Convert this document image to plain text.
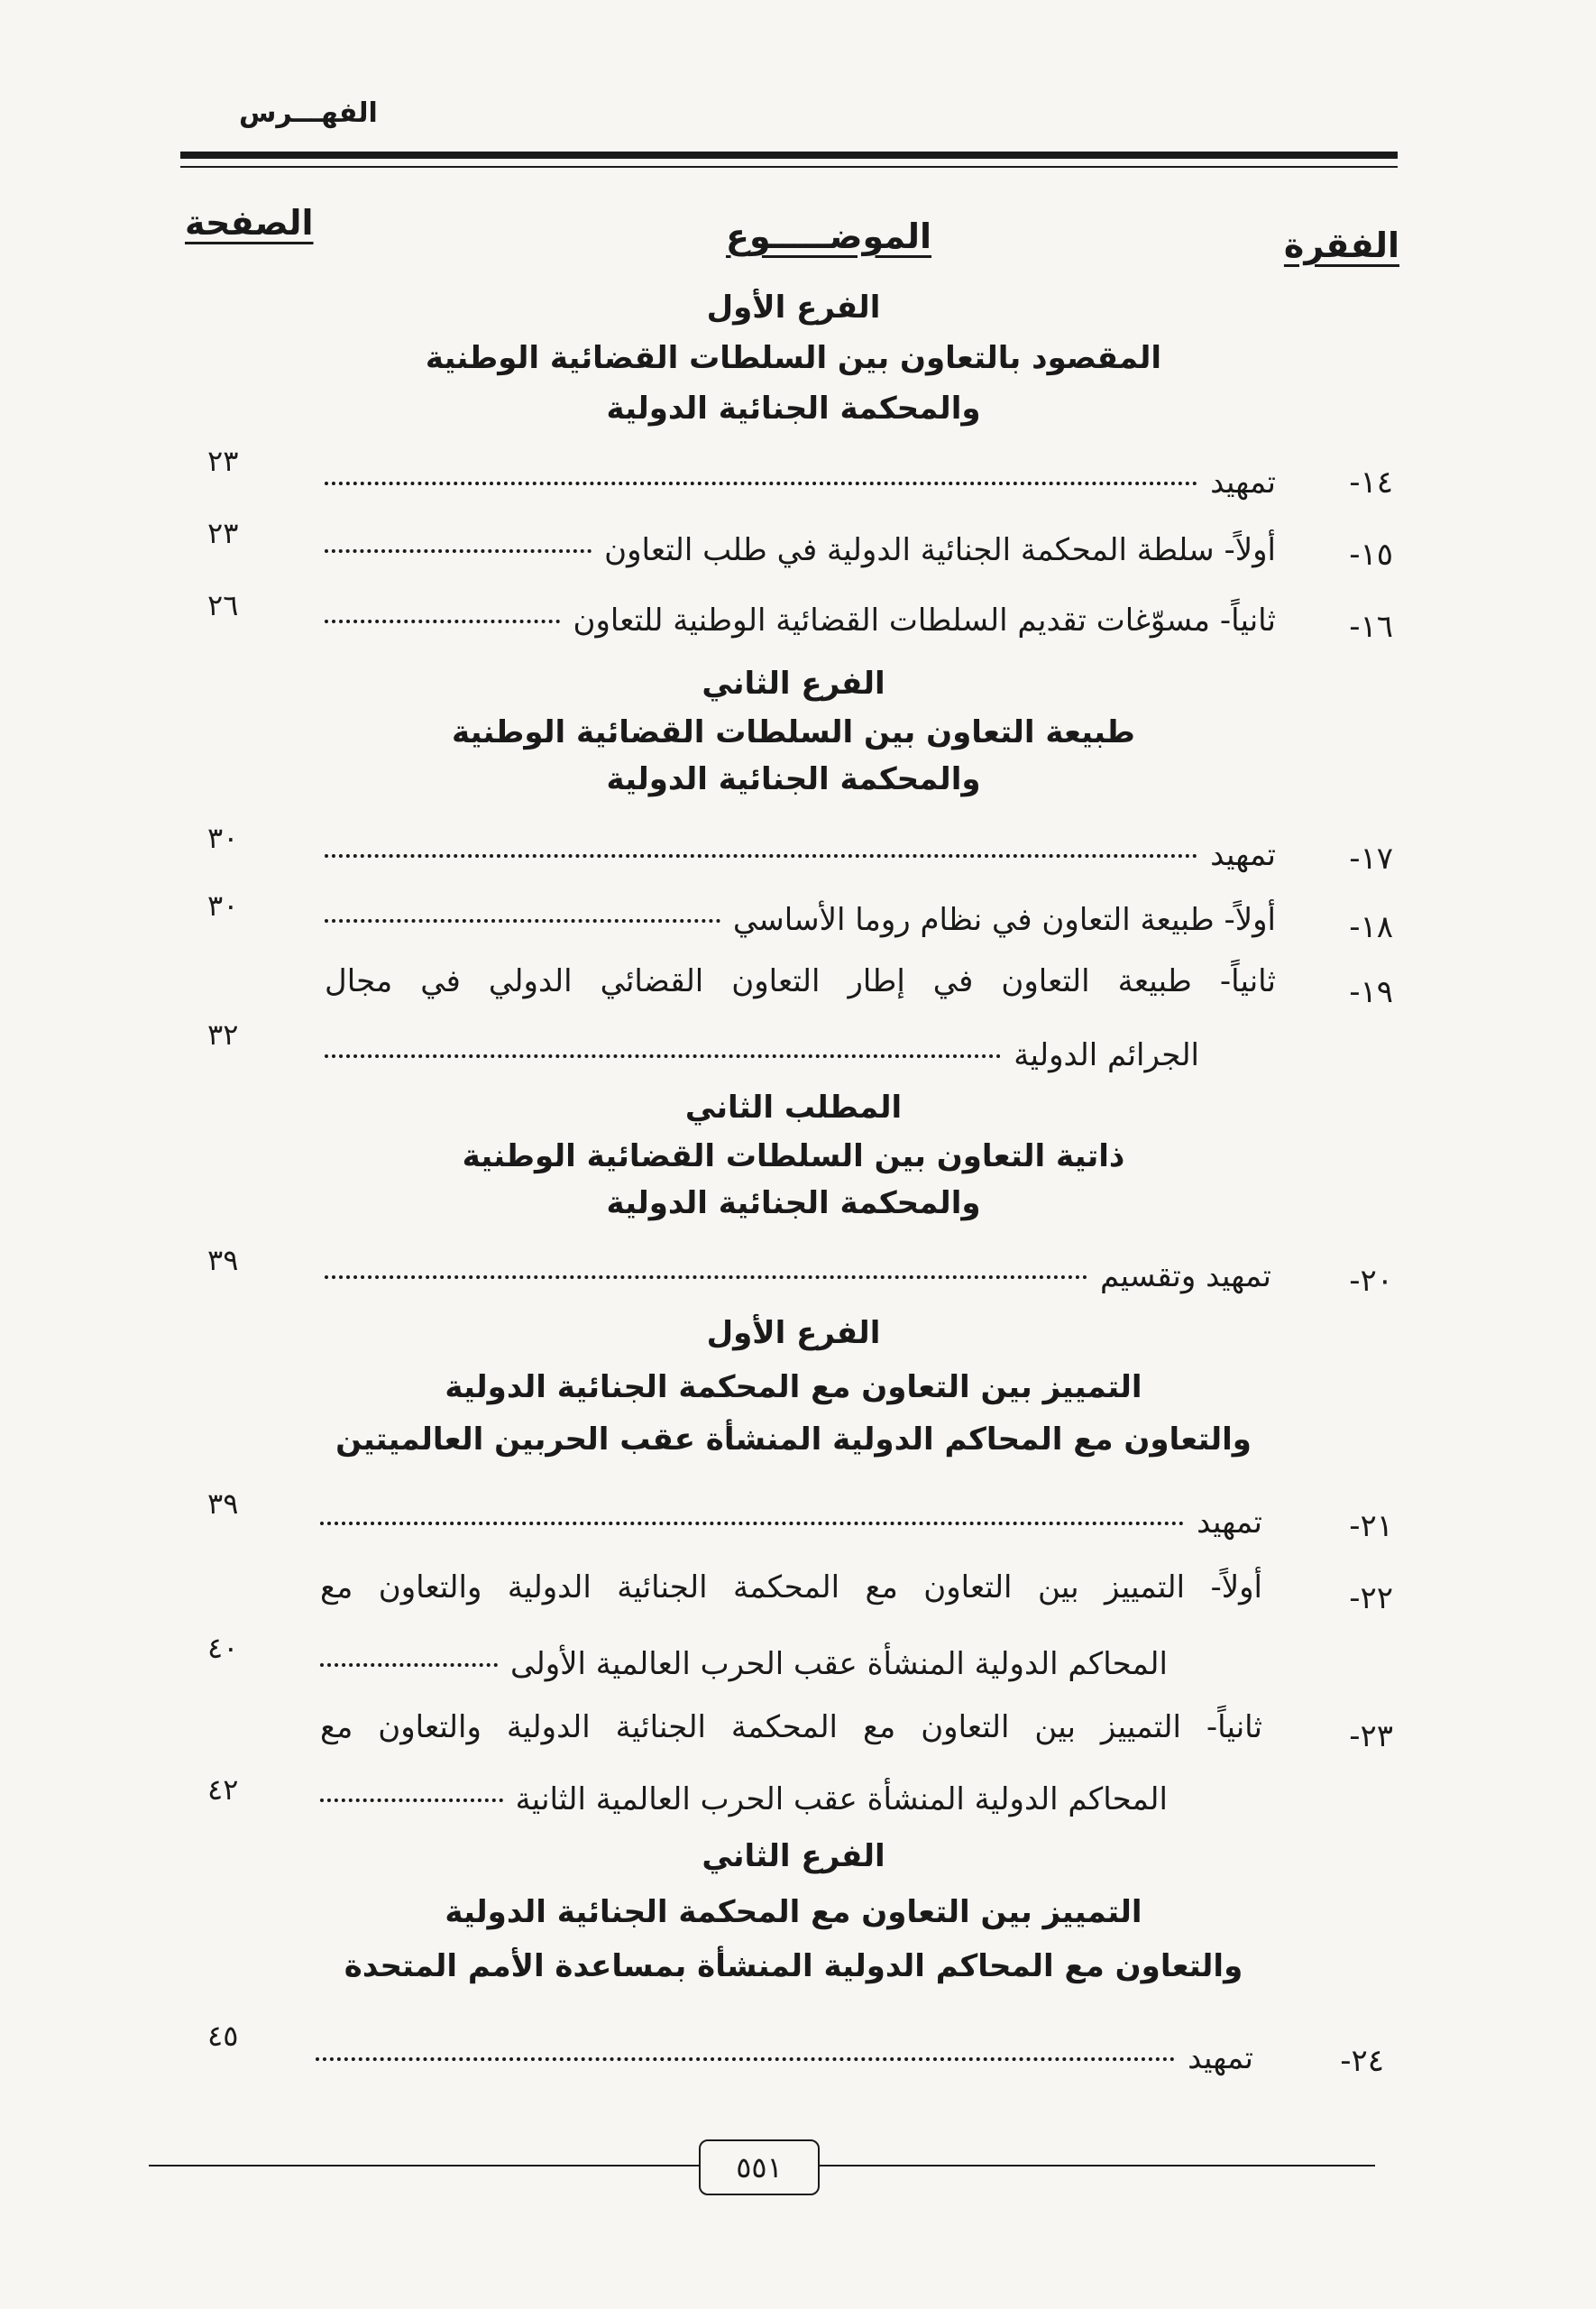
الفهـــرس
الفقرة
الموضـــــوع
الصفحة
الفرع الأول
المقصود بالتعاون بين السلطات القضائية الوطنية
والمحكمة الجنائية الدولية
٢٣
١٤-
تمهيد
٢٣
١٥-
أولاً- سلطة المحكمة الجنائية الدولية في طلب التعاون
٢٦
١٦-
ثانياً- مسوّغات تقديم السلطات القضائية الوطنية للتعاون
الفرع الثاني
طبيعة التعاون بين السلطات القضائية الوطنية
والمحكمة الجنائية الدولية
٣٠
١٧-
تمهيد
٣٠
١٨-
أولاً- طبيعة التعاون في نظام روما الأساسي
١٩-
ثانياً- طبيعة التعاون في إطار التعاون القضائي الدولي في مجال
٣٢
الجرائم الدولية
المطلب الثاني
ذاتية التعاون بين السلطات القضائية الوطنية
والمحكمة الجنائية الدولية
٣٩
٢٠-
تمهيد وتقسيم
الفرع الأول
التمييز بين التعاون مع المحكمة الجنائية الدولية
والتعاون مع المحاكم الدولية المنشأة عقب الحربين العالميتين
٣٩
٢١-
تمهيد
٢٢-
أولاً- التمييز بين التعاون مع المحكمة الجنائية الدولية والتعاون مع
٤٠	المحاكم الدولية المنشأة عقب الحرب العالمية الأولى
٢٣-
ثانياً- التمييز بين التعاون مع المحكمة الجنائية الدولية والتعاون مع
٤٢	المحاكم الدولية المنشأة عقب الحرب العالمية الثانية
الفرع الثاني
التمييز بين التعاون مع المحكمة الجنائية الدولية
والتعاون مع المحاكم الدولية المنشأة بمساعدة الأمم المتحدة
٤٥
٢٤-
تمهيد
٥٥١
